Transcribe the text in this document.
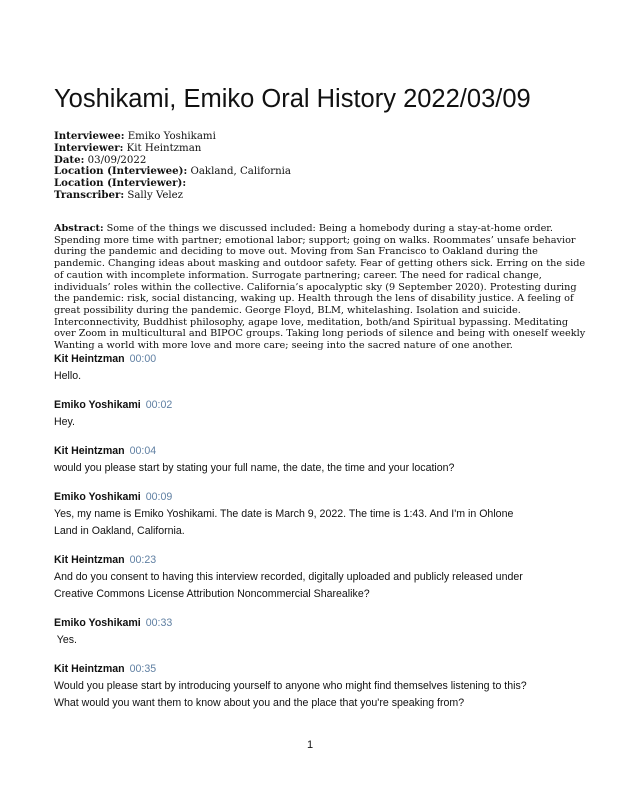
Yoshikami, Emiko Oral History 2022/03/09
Interviewee: Emiko Yoshikami
Interviewer: Kit Heintzman
Date: 03/09/2022
Location (Interviewee): Oakland, California
Location (Interviewer):
Transcriber: Sally Velez
Abstract: Some of the things we discussed included: Being a homebody during a stay-at-home order.
Spending more time with partner; emotional labor; support; going on walks. Roommates’ unsafe behavior
during the pandemic and deciding to move out. Moving from San Francisco to Oakland during the
pandemic. Changing ideas about masking and outdoor safety. Fear of getting others sick. Erring on the side
of caution with incomplete information. Surrogate partnering; career. The need for radical change,
individuals’ roles within the collective. California’s apocalyptic sky (9 September 2020). Protesting during
the pandemic: risk, social distancing, waking up. Health through the lens of disability justice. A feeling of
great possibility during the pandemic. George Floyd, BLM, whitelashing. Isolation and suicide.
Interconnectivity, Buddhist philosophy, agape love, meditation, both/and Spiritual bypassing. Meditating
over Zoom in multicultural and BIPOC groups. Taking long periods of silence and being with oneself weekly
Wanting a world with more love and more care; seeing into the sacred nature of one another.
Kit Heintzman 00:00
Hello.
Emiko Yoshikami 00:02
Hey.
Kit Heintzman 00:04
would you please start by stating your full name, the date, the time and your location?
Emiko Yoshikami 00:09
Yes, my name is Emiko Yoshikami. The date is March 9, 2022. The time is 1:43. And I'm in Ohlone
Land in Oakland, California.
Kit Heintzman 00:23
And do you consent to having this interview recorded, digitally uploaded and publicly released under
Creative Commons License Attribution Noncommercial Sharealike?
Emiko Yoshikami 00:33
Yes.
Kit Heintzman 00:35
Would you please start by introducing yourself to anyone who might find themselves listening to this?
What would you want them to know about you and the place that you're speaking from?
1
